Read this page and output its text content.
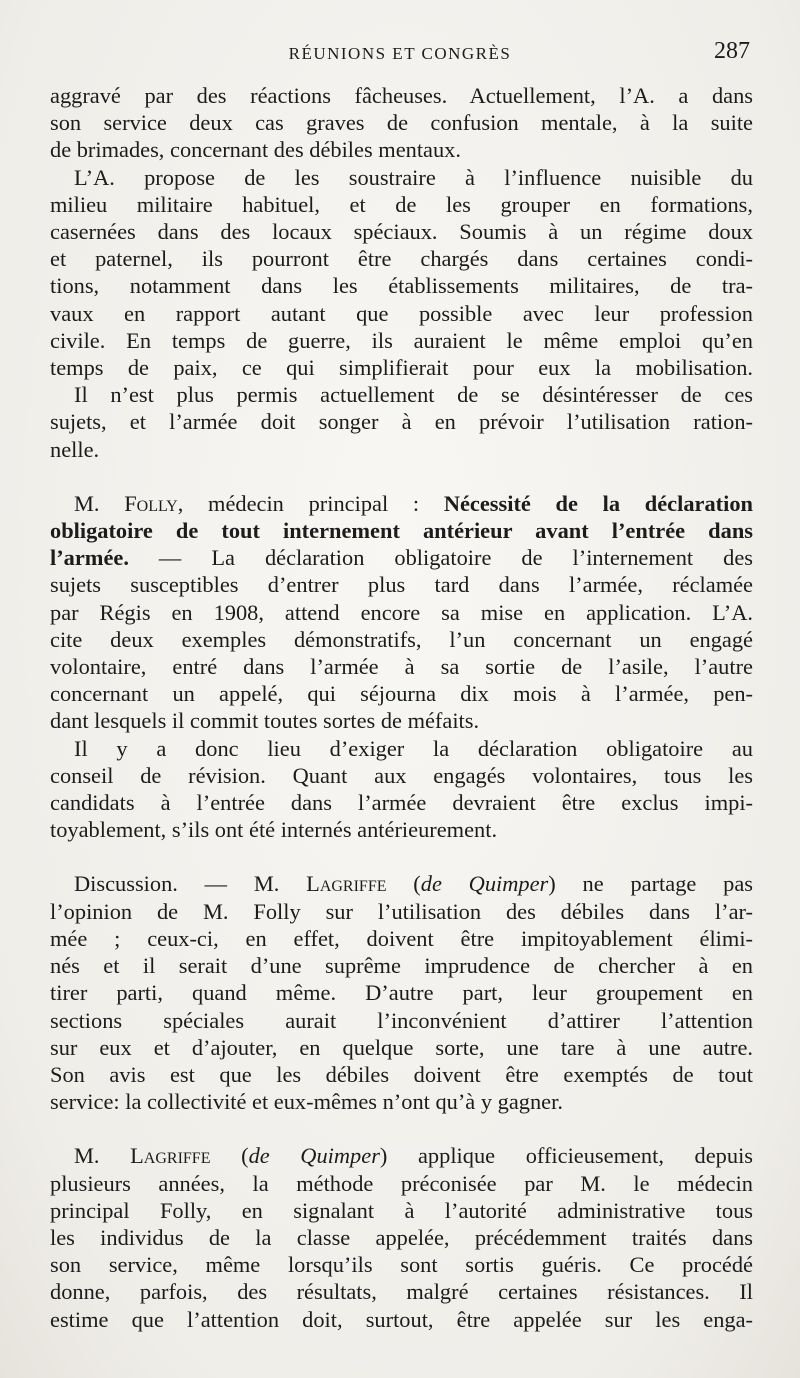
RÉUNIONS ET CONGRÈS	287
aggravé par des réactions fâcheuses. Actuellement, l’A. a dans
son service deux cas graves de confusion mentale, à la suite
de brimades, concernant des débiles mentaux.
L’A. propose de les soustraire à l’influence nuisible du
milieu militaire habituel, et de les grouper en formations,
casernées dans des locaux spéciaux. Soumis à un régime doux
et paternel, ils pourront être chargés dans certaines condi-
tions, notamment dans les établissements militaires, de tra-
vaux en rapport autant que possible avec leur profession
civile. En temps de guerre, ils auraient le même emploi qu’en
temps de paix, ce qui simplifierait pour eux la mobilisation.
Il n’est plus permis actuellement de se désintéresser de ces
sujets, et l’armée doit songer à en prévoir l’utilisation ration-
nelle.
M. Folly, médecin principal : Nécessité de la déclaration
obligatoire de tout internement antérieur avant l’entrée dans
l’armée. — La déclaration obligatoire de l’internement des
sujets susceptibles d’entrer plus tard dans l’armée, réclamée
par Régis en 1908, attend encore sa mise en application. L’A.
cite deux exemples démonstratifs, l’un concernant un engagé
volontaire, entré dans l’armée à sa sortie de l’asile, l’autre
concernant un appelé, qui séjourna dix mois à l’armée, pen-
dant lesquels il commit toutes sortes de méfaits.
Il y a donc lieu d’exiger la déclaration obligatoire au
conseil de révision. Quant aux engagés volontaires, tous les
candidats à l’entrée dans l’armée devraient être exclus impi-
toyablement, s’ils ont été internés antérieurement.
Discussion. — M. Lagriffe (de Quimper) ne partage pas
l’opinion de M. Folly sur l’utilisation des débiles dans l’ar-
mée ; ceux-ci, en effet, doivent être impitoyablement élimi-
nés et il serait d’une suprême imprudence de chercher à en
tirer parti, quand même. D’autre part, leur groupement en
sections spéciales aurait l’inconvénient d’attirer l’attention
sur eux et d’ajouter, en quelque sorte, une tare à une autre.
Son avis est que les débiles doivent être exemptés de tout
service: la collectivité et eux-mêmes n’ont qu’à y gagner.
M. Lagriffe (de Quimper) applique officieusement, depuis
plusieurs années, la méthode préconisée par M. le médecin
principal Folly, en signalant à l’autorité administrative tous
les individus de la classe appelée, précédemment traités dans
son service, même lorsqu’ils sont sortis guéris. Ce procédé
donne, parfois, des résultats, malgré certaines résistances. Il
estime que l’attention doit, surtout, être appelée sur les enga-
